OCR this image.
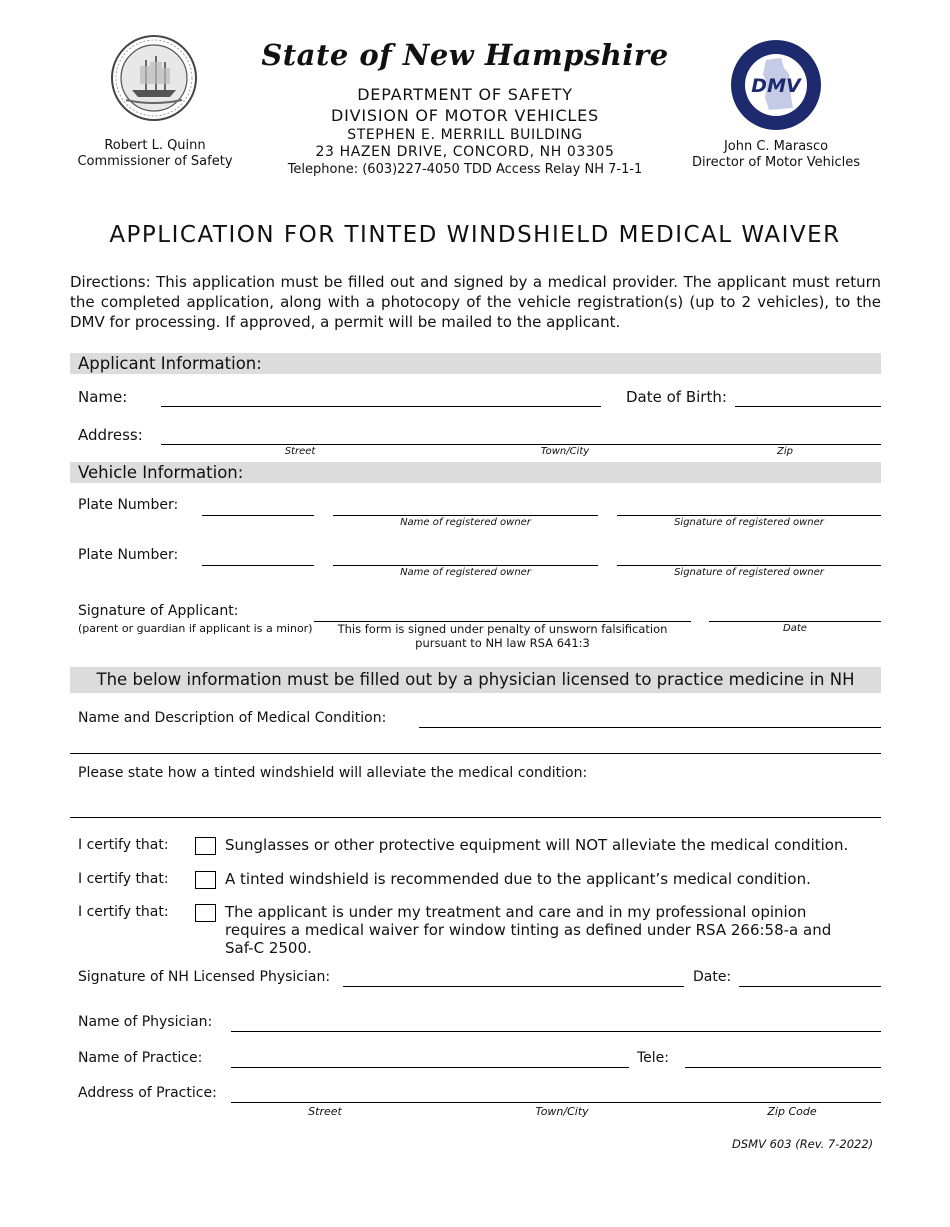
Robert L. Quinn
Commissioner of Safety
State of New Hampshire
DEPARTMENT OF SAFETY
DIVISION OF MOTOR VEHICLES
STEPHEN E. MERRILL BUILDING
23 HAZEN DRIVE, CONCORD, NH 03305
Telephone: (603)227-4050 TDD Access Relay NH 7-1-1
DMV
John C. Marasco
Director of Motor Vehicles
APPLICATION FOR TINTED WINDSHIELD MEDICAL WAIVER
Directions: This application must be filled out and signed by a medical provider. The applicant must return the completed application, along with a photocopy of the vehicle registration(s) (up to 2 vehicles), to the DMV for processing. If approved, a permit will be mailed to the applicant.
Applicant Information:
Name:	Date of Birth:
Address:
Street	Town/City	Zip
Vehicle Information:
Plate Number:
Name of registered owner	Signature of registered owner
Plate Number:
Name of registered owner	Signature of registered owner
Signature of Applicant:
(parent or guardian if applicant is a minor)	This form is signed under penalty of unsworn falsification pursuant to NH law RSA 641:3
Date
The below information must be filled out by a physician licensed to practice medicine in NH
Name and Description of Medical Condition:
Please state how a tinted windshield will alleviate the medical condition:
I certify that:	Sunglasses or other protective equipment will NOT alleviate the medical condition.
I certify that:	A tinted windshield is recommended due to the applicant’s medical condition.
I certify that:	The applicant is under my treatment and care and in my professional opinion requires a medical waiver for window tinting as defined under RSA 266:58-a and Saf-C 2500.
Signature of NH Licensed Physician:	Date:
Name of Physician:
Name of Practice:	Tele:
Address of Practice:
Street	Town/City	Zip Code
DSMV 603 (Rev. 7-2022)
